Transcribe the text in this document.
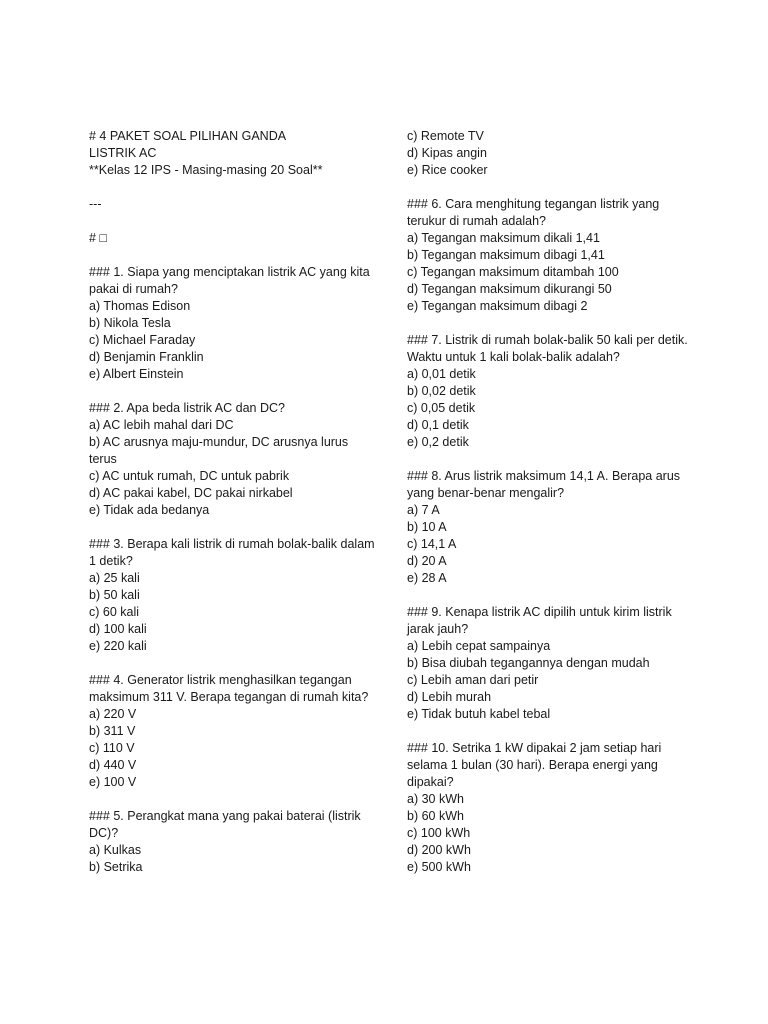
# 4 PAKET SOAL PILIHAN GANDA
LISTRIK AC
**Kelas 12 IPS - Masing-masing 20 Soal**
---
# □
### 1. Siapa yang menciptakan listrik AC yang kita pakai di rumah?
a) Thomas Edison
b) Nikola Tesla
c) Michael Faraday
d) Benjamin Franklin
e) Albert Einstein
### 2. Apa beda listrik AC dan DC?
a) AC lebih mahal dari DC
b) AC arusnya maju-mundur, DC arusnya lurus terus
c) AC untuk rumah, DC untuk pabrik
d) AC pakai kabel, DC pakai nirkabel
e) Tidak ada bedanya
### 3. Berapa kali listrik di rumah bolak-balik dalam 1 detik?
a) 25 kali
b) 50 kali
c) 60 kali
d) 100 kali
e) 220 kali
### 4. Generator listrik menghasilkan tegangan maksimum 311 V. Berapa tegangan di rumah kita?
a) 220 V
b) 311 V
c) 110 V
d) 440 V
e) 100 V
### 5. Perangkat mana yang pakai baterai (listrik DC)?
a) Kulkas
b) Setrika
c) Remote TV
d) Kipas angin
e) Rice cooker
### 6. Cara menghitung tegangan listrik yang terukur di rumah adalah?
a) Tegangan maksimum dikali 1,41
b) Tegangan maksimum dibagi 1,41
c) Tegangan maksimum ditambah 100
d) Tegangan maksimum dikurangi 50
e) Tegangan maksimum dibagi 2
### 7. Listrik di rumah bolak-balik 50 kali per detik. Waktu untuk 1 kali bolak-balik adalah?
a) 0,01 detik
b) 0,02 detik
c) 0,05 detik
d) 0,1 detik
e) 0,2 detik
### 8. Arus listrik maksimum 14,1 A. Berapa arus yang benar-benar mengalir?
a) 7 A
b) 10 A
c) 14,1 A
d) 20 A
e) 28 A
### 9. Kenapa listrik AC dipilih untuk kirim listrik jarak jauh?
a) Lebih cepat sampainya
b) Bisa diubah tegangannya dengan mudah
c) Lebih aman dari petir
d) Lebih murah
e) Tidak butuh kabel tebal
### 10. Setrika 1 kW dipakai 2 jam setiap hari selama 1 bulan (30 hari). Berapa energi yang dipakai?
a) 30 kWh
b) 60 kWh
c) 100 kWh
d) 200 kWh
e) 500 kWh
